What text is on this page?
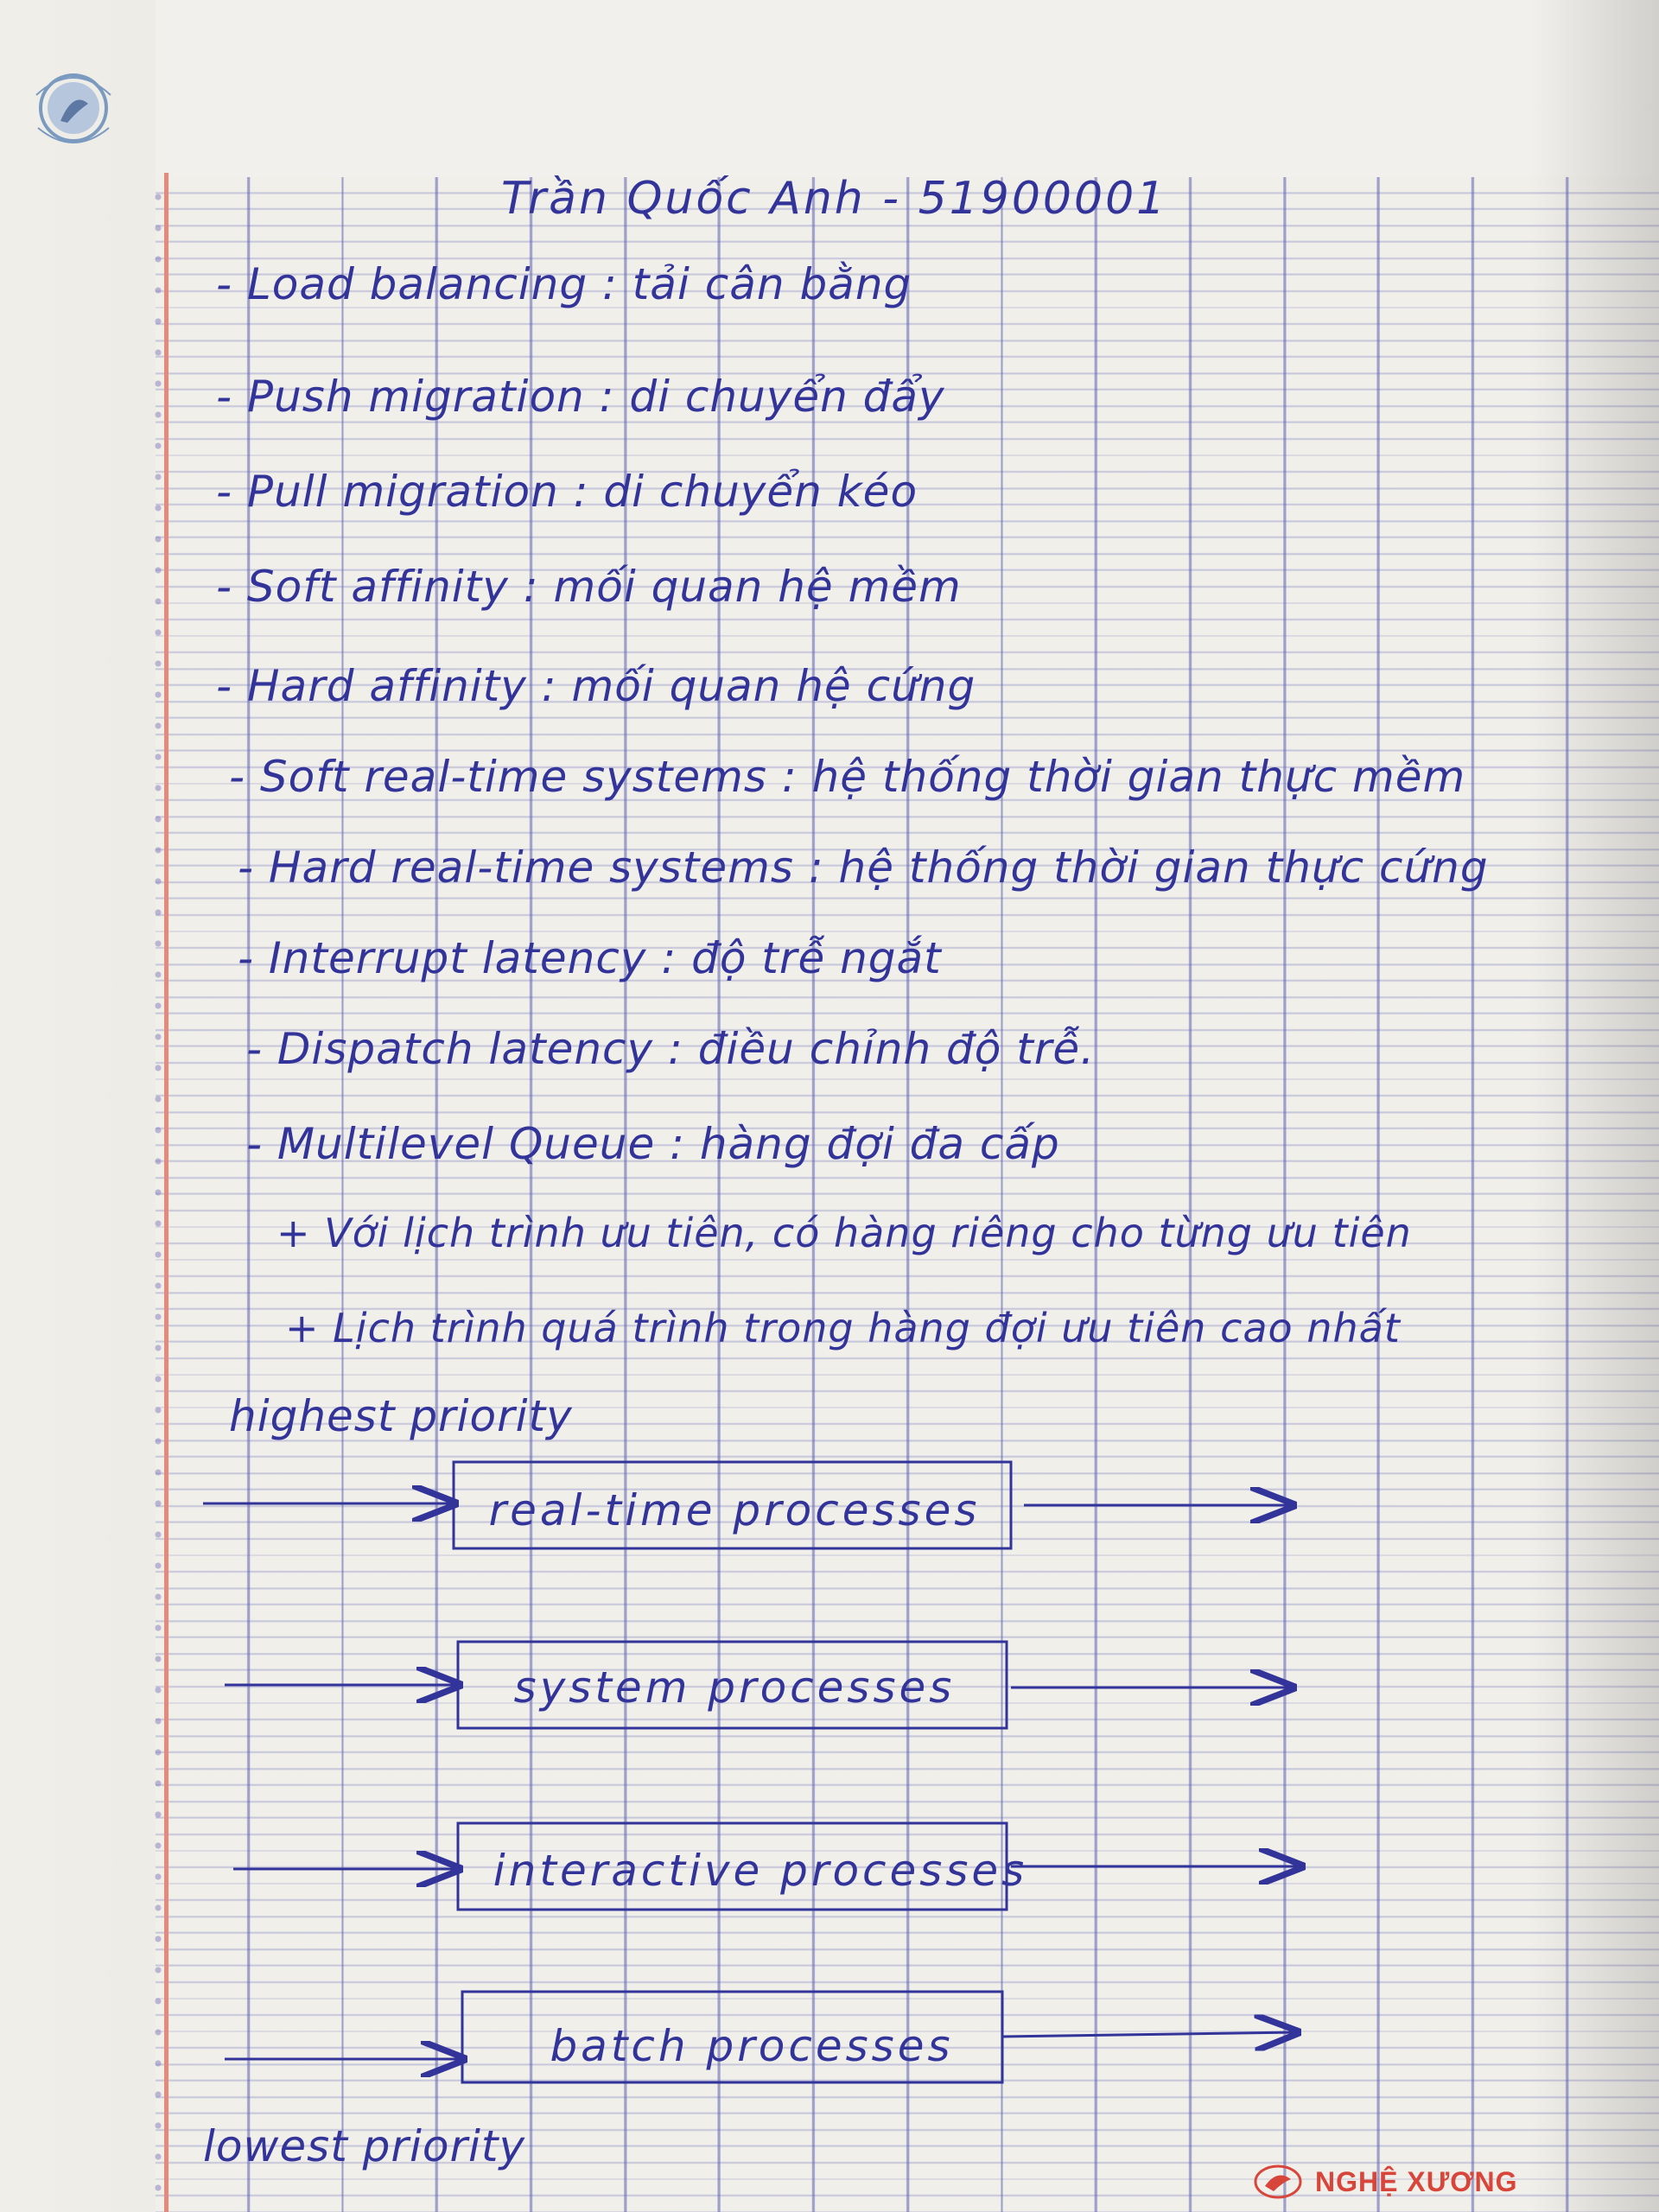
Trần Quốc Anh - 51900001
- Load balancing : tải cân bằng
- Push migration : di chuyển đẩy
- Pull migration : di chuyển kéo
- Soft affinity : mối quan hệ mềm
- Hard affinity : mối quan hệ cứng
- Soft real-time systems : hệ thống thời gian thực mềm
- Hard real-time systems : hệ thống thời gian thực cứng
- Interrupt latency : độ trễ ngắt
- Dispatch latency : điều chỉnh độ trễ.
- Multilevel Queue : hàng đợi đa cấp
+ Với lịch trình ưu tiên, có hàng riêng cho từng ưu tiên
+ Lịch trình quá trình trong hàng đợi ưu tiên cao nhất
highest priority
lowest priority
real-time processes
system processes
interactive processes
batch processes
NGHỆ XƯƠNG
